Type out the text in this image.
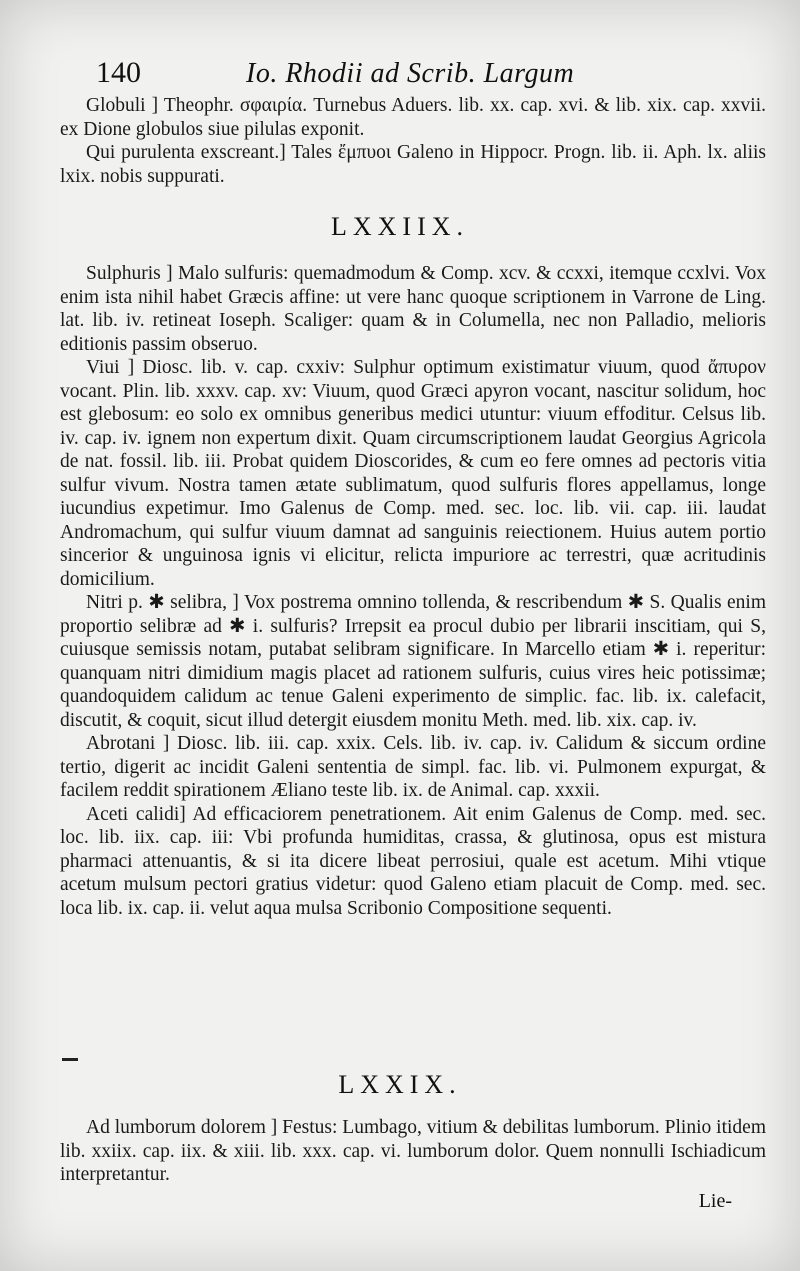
140	Io. Rhodii ad Scrib. Largum

Globuli ] Theophr. σφαιρία. Turnebus Aduers. lib. xx. cap. xvi. & lib. xix. cap. xxvii. ex Dione globulos siue pilulas exponit.

Qui purulenta exscreant.] Tales ἔμπυοι Galeno in Hippocr. Progn. lib. ii. Aph. lx. aliis lxix. nobis suppurati.

LXXIIX.

Sulphuris ] Malo sulfuris: quemadmodum & Comp. xcv. & ccxxi, itemque ccxlvi. Vox enim ista nihil habet Græcis affine: ut vere hanc quoque scriptionem in Varrone de Ling. lat. lib. iv. retineat Ioseph. Scaliger: quam & in Columella, nec non Palladio, melioris editionis passim obseruo.

Viui ] Diosc. lib. v. cap. cxxiv: Sulphur optimum existimatur viuum, quod ἄπυρον vocant. Plin. lib. xxxv. cap. xv: Viuum, quod Græci apyron vocant, nascitur solidum, hoc est glebosum: eo solo ex omnibus generibus medici utuntur: viuum effoditur. Celsus lib. iv. cap. iv. ignem non expertum dixit. Quam circumscriptionem laudat Georgius Agricola de nat. fossil. lib. iii. Probat quidem Dioscorides, & cum eo fere omnes ad pectoris vitia sulfur vivum. Nostra tamen ætate sublimatum, quod sulfuris flores appellamus, longe iucundius expetimur. Imo Galenus de Comp. med. sec. loc. lib. vii. cap. iii. laudat Andromachum, qui sulfur viuum damnat ad sanguinis reiectionem. Huius autem portio sincerior & unguinosa ignis vi elicitur, relicta impuriore ac terrestri, quæ acritudinis domicilium.

Nitri p. ✱ selibra, ] Vox postrema omnino tollenda, & rescribendum ✱ S. Qualis enim proportio selibræ ad ✱ i. sulfuris? Irrepsit ea procul dubio per librarii inscitiam, qui S, cuiusque semissis notam, putabat selibram significare. In Marcello etiam ✱ i. reperitur: quanquam nitri dimidium magis placet ad rationem sulfuris, cuius vires heic potissimæ; quandoquidem calidum ac tenue Galeni experimento de simplic. fac. lib. ix. calefacit, discutit, & coquit, sicut illud detergit eiusdem monitu Meth. med. lib. xix. cap. iv.

Abrotani ] Diosc. lib. iii. cap. xxix. Cels. lib. iv. cap. iv. Calidum & siccum ordine tertio, digerit ac incidit Galeni sententia de simpl. fac. lib. vi. Pulmonem expurgat, & facilem reddit spirationem Æliano teste lib. ix. de Animal. cap. xxxii.

Aceti calidi] Ad efficaciorem penetrationem. Ait enim Galenus de Comp. med. sec. loc. lib. iix. cap. iii: Vbi profunda humiditas, crassa, & glutinosa, opus est mistura pharmaci attenuantis, & si ita dicere libeat perrosiui, quale est acetum. Mihi vtique acetum mulsum pectori gratius videtur: quod Galeno etiam placuit de Comp. med. sec. loca lib. ix. cap. ii. velut aqua mulsa Scribonio Compositione sequenti.

LXXIX.

Ad lumborum dolorem ] Festus: Lumbago, vitium & debilitas lumborum. Plinio itidem lib. xxiix. cap. iix. & xiii. lib. xxx. cap. vi. lumborum dolor. Quem nonnulli Ischiadicum interpretantur.

Lie-
